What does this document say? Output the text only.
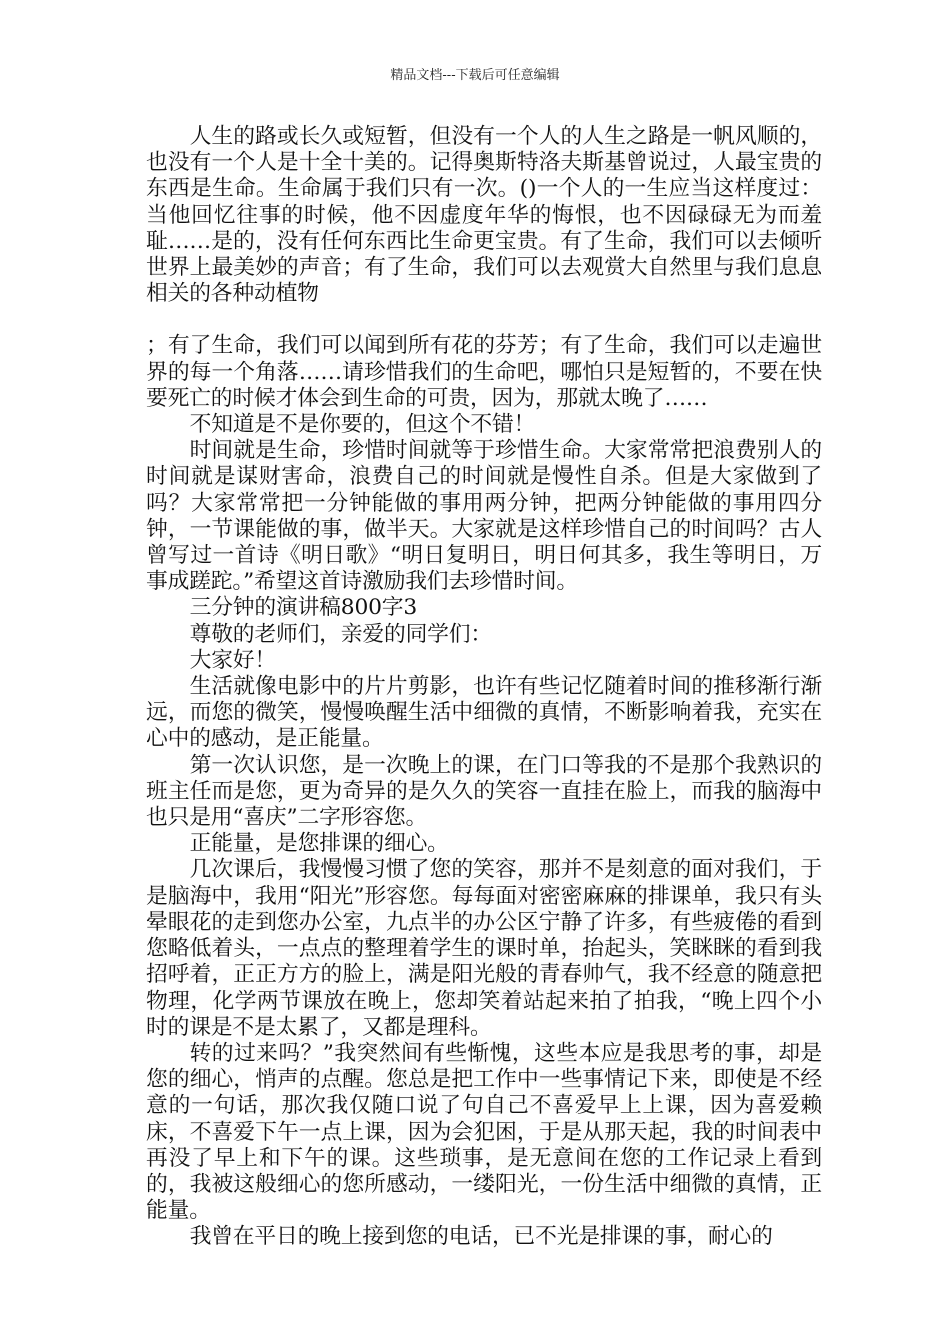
精品文档---下载后可任意编辑

人生的路或长久或短暂，但没有一个人的人生之路是一帆风顺的，也没有一个人是十全十美的。记得奥斯特洛夫斯基曾说过，人最宝贵的东西是生命。生命属于我们只有一次。()一个人的一生应当这样度过：当他回忆往事的时候，他不因虚度年华的悔恨，也不因碌碌无为而羞耻……是的，没有任何东西比生命更宝贵。有了生命，我们可以去倾听世界上最美妙的声音；有了生命，我们可以去观赏大自然里与我们息息相关的各种动植物

；有了生命，我们可以闻到所有花的芬芳；有了生命，我们可以走遍世界的每一个角落……请珍惜我们的生命吧，哪怕只是短暂的，不要在快要死亡的时候才体会到生命的可贵，因为，那就太晚了……

不知道是不是你要的，但这个不错！

时间就是生命，珍惜时间就等于珍惜生命。大家常常把浪费别人的时间就是谋财害命，浪费自己的时间就是慢性自杀。但是大家做到了吗？大家常常把一分钟能做的事用两分钟，把两分钟能做的事用四分钟，一节课能做的事，做半天。大家就是这样珍惜自己的时间吗？古人曾写过一首诗《明日歌》“明日复明日，明日何其多，我生等明日，万事成蹉跎。”希望这首诗激励我们去珍惜时间。

三分钟的演讲稿800字3

尊敬的老师们，亲爱的同学们：

大家好！

生活就像电影中的片片剪影，也许有些记忆随着时间的推移渐行渐远，而您的微笑，慢慢唤醒生活中细微的真情，不断影响着我，充实在心中的感动，是正能量。

第一次认识您，是一次晚上的课，在门口等我的不是那个我熟识的班主任而是您，更为奇异的是久久的笑容一直挂在脸上，而我的脑海中也只是用“喜庆”二字形容您。

正能量，是您排课的细心。

几次课后，我慢慢习惯了您的笑容，那并不是刻意的面对我们，于是脑海中，我用“阳光”形容您。每每面对密密麻麻的排课单，我只有头晕眼花的走到您办公室，九点半的办公区宁静了许多，有些疲倦的看到您略低着头，一点点的整理着学生的课时单，抬起头，笑眯眯的看到我招呼着，正正方方的脸上，满是阳光般的青春帅气，我不经意的随意把物理，化学两节课放在晚上，您却笑着站起来拍了拍我，“晚上四个小时的课是不是太累了，又都是理科。

转的过来吗？”我突然间有些惭愧，这些本应是我思考的事，却是您的细心，悄声的点醒。您总是把工作中一些事情记下来，即使是不经意的一句话，那次我仅随口说了句自己不喜爱早上上课，因为喜爱赖床，不喜爱下午一点上课，因为会犯困，于是从那天起，我的时间表中再没了早上和下午的课。这些琐事，是无意间在您的工作记录上看到的，我被这般细心的您所感动，一缕阳光，一份生活中细微的真情，正能量。

我曾在平日的晚上接到您的电话，已不光是排课的事，耐心的
